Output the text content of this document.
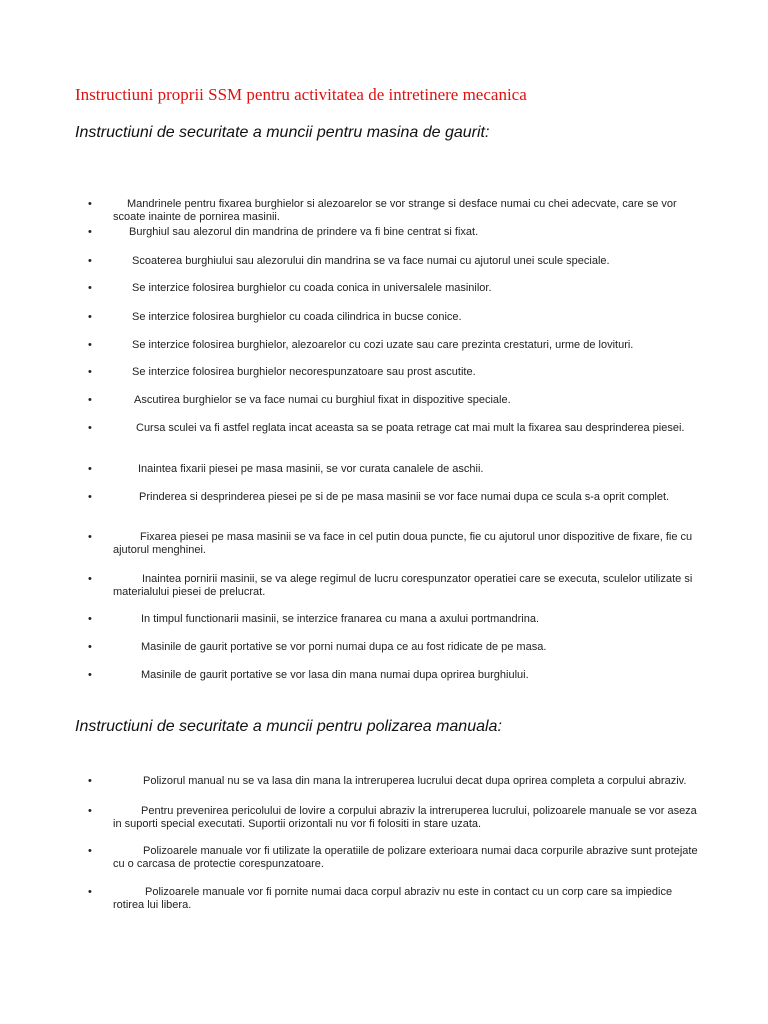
Instructiuni proprii SSM pentru activitatea de intretinere mecanica
Instructiuni de securitate a muncii pentru masina de gaurit:
•	Mandrinele pentru fixarea burghielor si alezoarelor se vor strange si desface numai cu chei adecvate, care se vor scoate inainte de pornirea masinii.
•	Burghiul sau alezorul din mandrina de prindere va fi bine centrat si fixat.
•	Scoaterea burghiului sau alezorului din mandrina se va face numai cu ajutorul unei scule speciale.
•	Se interzice folosirea burghielor cu coada conica in universalele masinilor.
•	Se interzice folosirea burghielor cu coada cilindrica in bucse conice.
•	Se interzice folosirea burghielor, alezoarelor cu cozi uzate sau care prezinta crestaturi, urme de lovituri.
•	Se interzice folosirea burghielor necorespunzatoare sau prost ascutite.
•	Ascutirea burghielor se va face numai cu burghiul fixat in dispozitive speciale.
•	Cursa sculei va fi astfel reglata incat aceasta sa se poata retrage cat mai mult la fixarea sau desprinderea piesei.
•	Inaintea fixarii piesei pe masa masinii, se vor curata canalele de aschii.
•	Prinderea si desprinderea piesei pe si de pe masa masinii se vor face numai dupa ce scula s-a oprit complet.
•	Fixarea piesei pe masa masinii se va face in cel putin doua puncte, fie cu ajutorul unor dispozitive de fixare, fie cu ajutorul menghinei.
•	Inaintea pornirii masinii, se va alege regimul de lucru corespunzator operatiei care se executa, sculelor utilizate si materialului piesei de prelucrat.
•	In timpul functionarii masinii, se interzice franarea cu mana a axului portmandrina.
•	Masinile de gaurit portative se vor porni numai dupa ce au fost ridicate de pe masa.
•	Masinile de gaurit portative se vor lasa din mana numai dupa oprirea burghiului.
Instructiuni de securitate a muncii pentru polizarea manuala:
•	Polizorul manual nu se va lasa din mana la intreruperea lucrului decat dupa oprirea completa a corpului abraziv.
•	Pentru prevenirea pericolului de lovire a corpului abraziv la intreruperea lucrului, polizoarele manuale se vor aseza in suporti special executati. Suportii orizontali nu vor fi folositi in stare uzata.
•	Polizoarele manuale vor fi utilizate la operatiile de polizare exterioara numai daca corpurile abrazive sunt protejate cu o carcasa de protectie corespunzatoare.
•	Polizoarele manuale vor fi pornite numai daca corpul abraziv nu este in contact cu un corp care sa impiedice rotirea lui libera.
